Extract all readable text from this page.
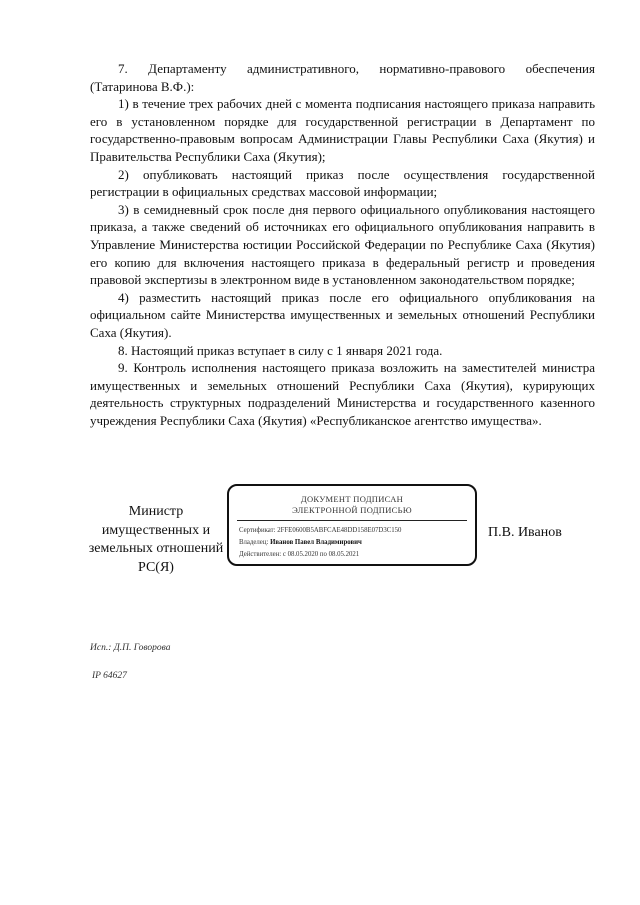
7. Департаменту административного, нормативно-правового обеспечения (Татаринова В.Ф.):

1) в течение трех рабочих дней с момента подписания настоящего приказа направить его в установленном порядке для государственной регистрации в Департамент по государственно-правовым вопросам Администрации Главы Республики Саха (Якутия) и Правительства Республики Саха (Якутия);

2) опубликовать настоящий приказ после осуществления государственной регистрации в официальных средствах массовой информации;

3) в семидневный срок после дня первого официального опубликования настоящего приказа, а также сведений об источниках его официального опубликования направить в Управление Министерства юстиции Российской Федерации по Республике Саха (Якутия) его копию для включения настоящего приказа в федеральный регистр и проведения правовой экспертизы в электронном виде в установленном законодательством порядке;

4) разместить настоящий приказ после его официального опубликования на официальном сайте Министерства имущественных и земельных отношений Республики Саха (Якутия).

8. Настоящий приказ вступает в силу с 1 января 2021 года.

9. Контроль исполнения настоящего приказа возложить на заместителей министра имущественных и земельных отношений Республики Саха (Якутия), курирующих деятельность структурных подразделений Министерства и государственного казенного учреждения Республики Саха (Якутия) «Республиканское агентство имущества».

Министр имущественных и земельных отношений РС(Я)
ДОКУМЕНТ ПОДПИСАН
ЭЛЕКТРОННОЙ ПОДПИСЬЮ
Сертификат: 2FFE0600B5ABFCAE48DD158E07D3C150
Владелец: Иванов Павел Владимирович
Действителен: с 08.05.2020 по 08.05.2021
П.В. Иванов
Исп.: Д.П. Говорова
IP 64627
